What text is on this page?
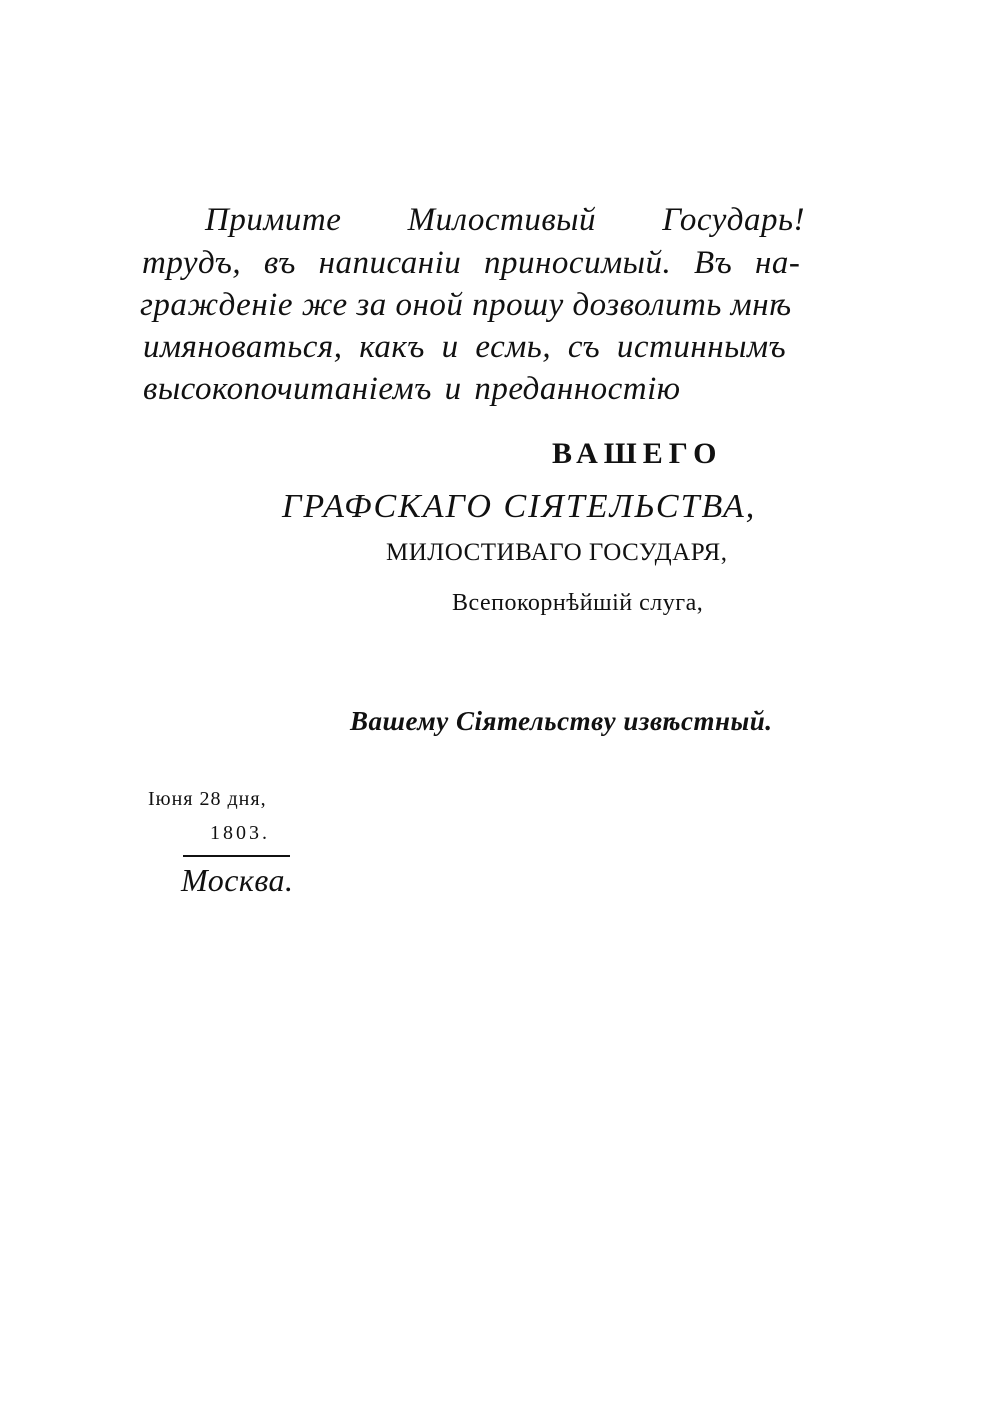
Примите Милостивый Государь!
трудъ, въ написаніи приносимый. Въ на-
гражденіе же за оной прошу дозволить мнѣ
имяноваться, какъ и есмь, съ истиннымъ
высокопочитаніемъ и преданностію
ВАШЕГО
ГРАФСКАГО СІЯТЕЛЬСТВА,
МИЛОСТИВАГО ГОСУДАРЯ,
Всепокорнѣйшій слуга,
Вашему Сіятельству извѣстный.
Іюня 28 дня,
1803.
Москва.
